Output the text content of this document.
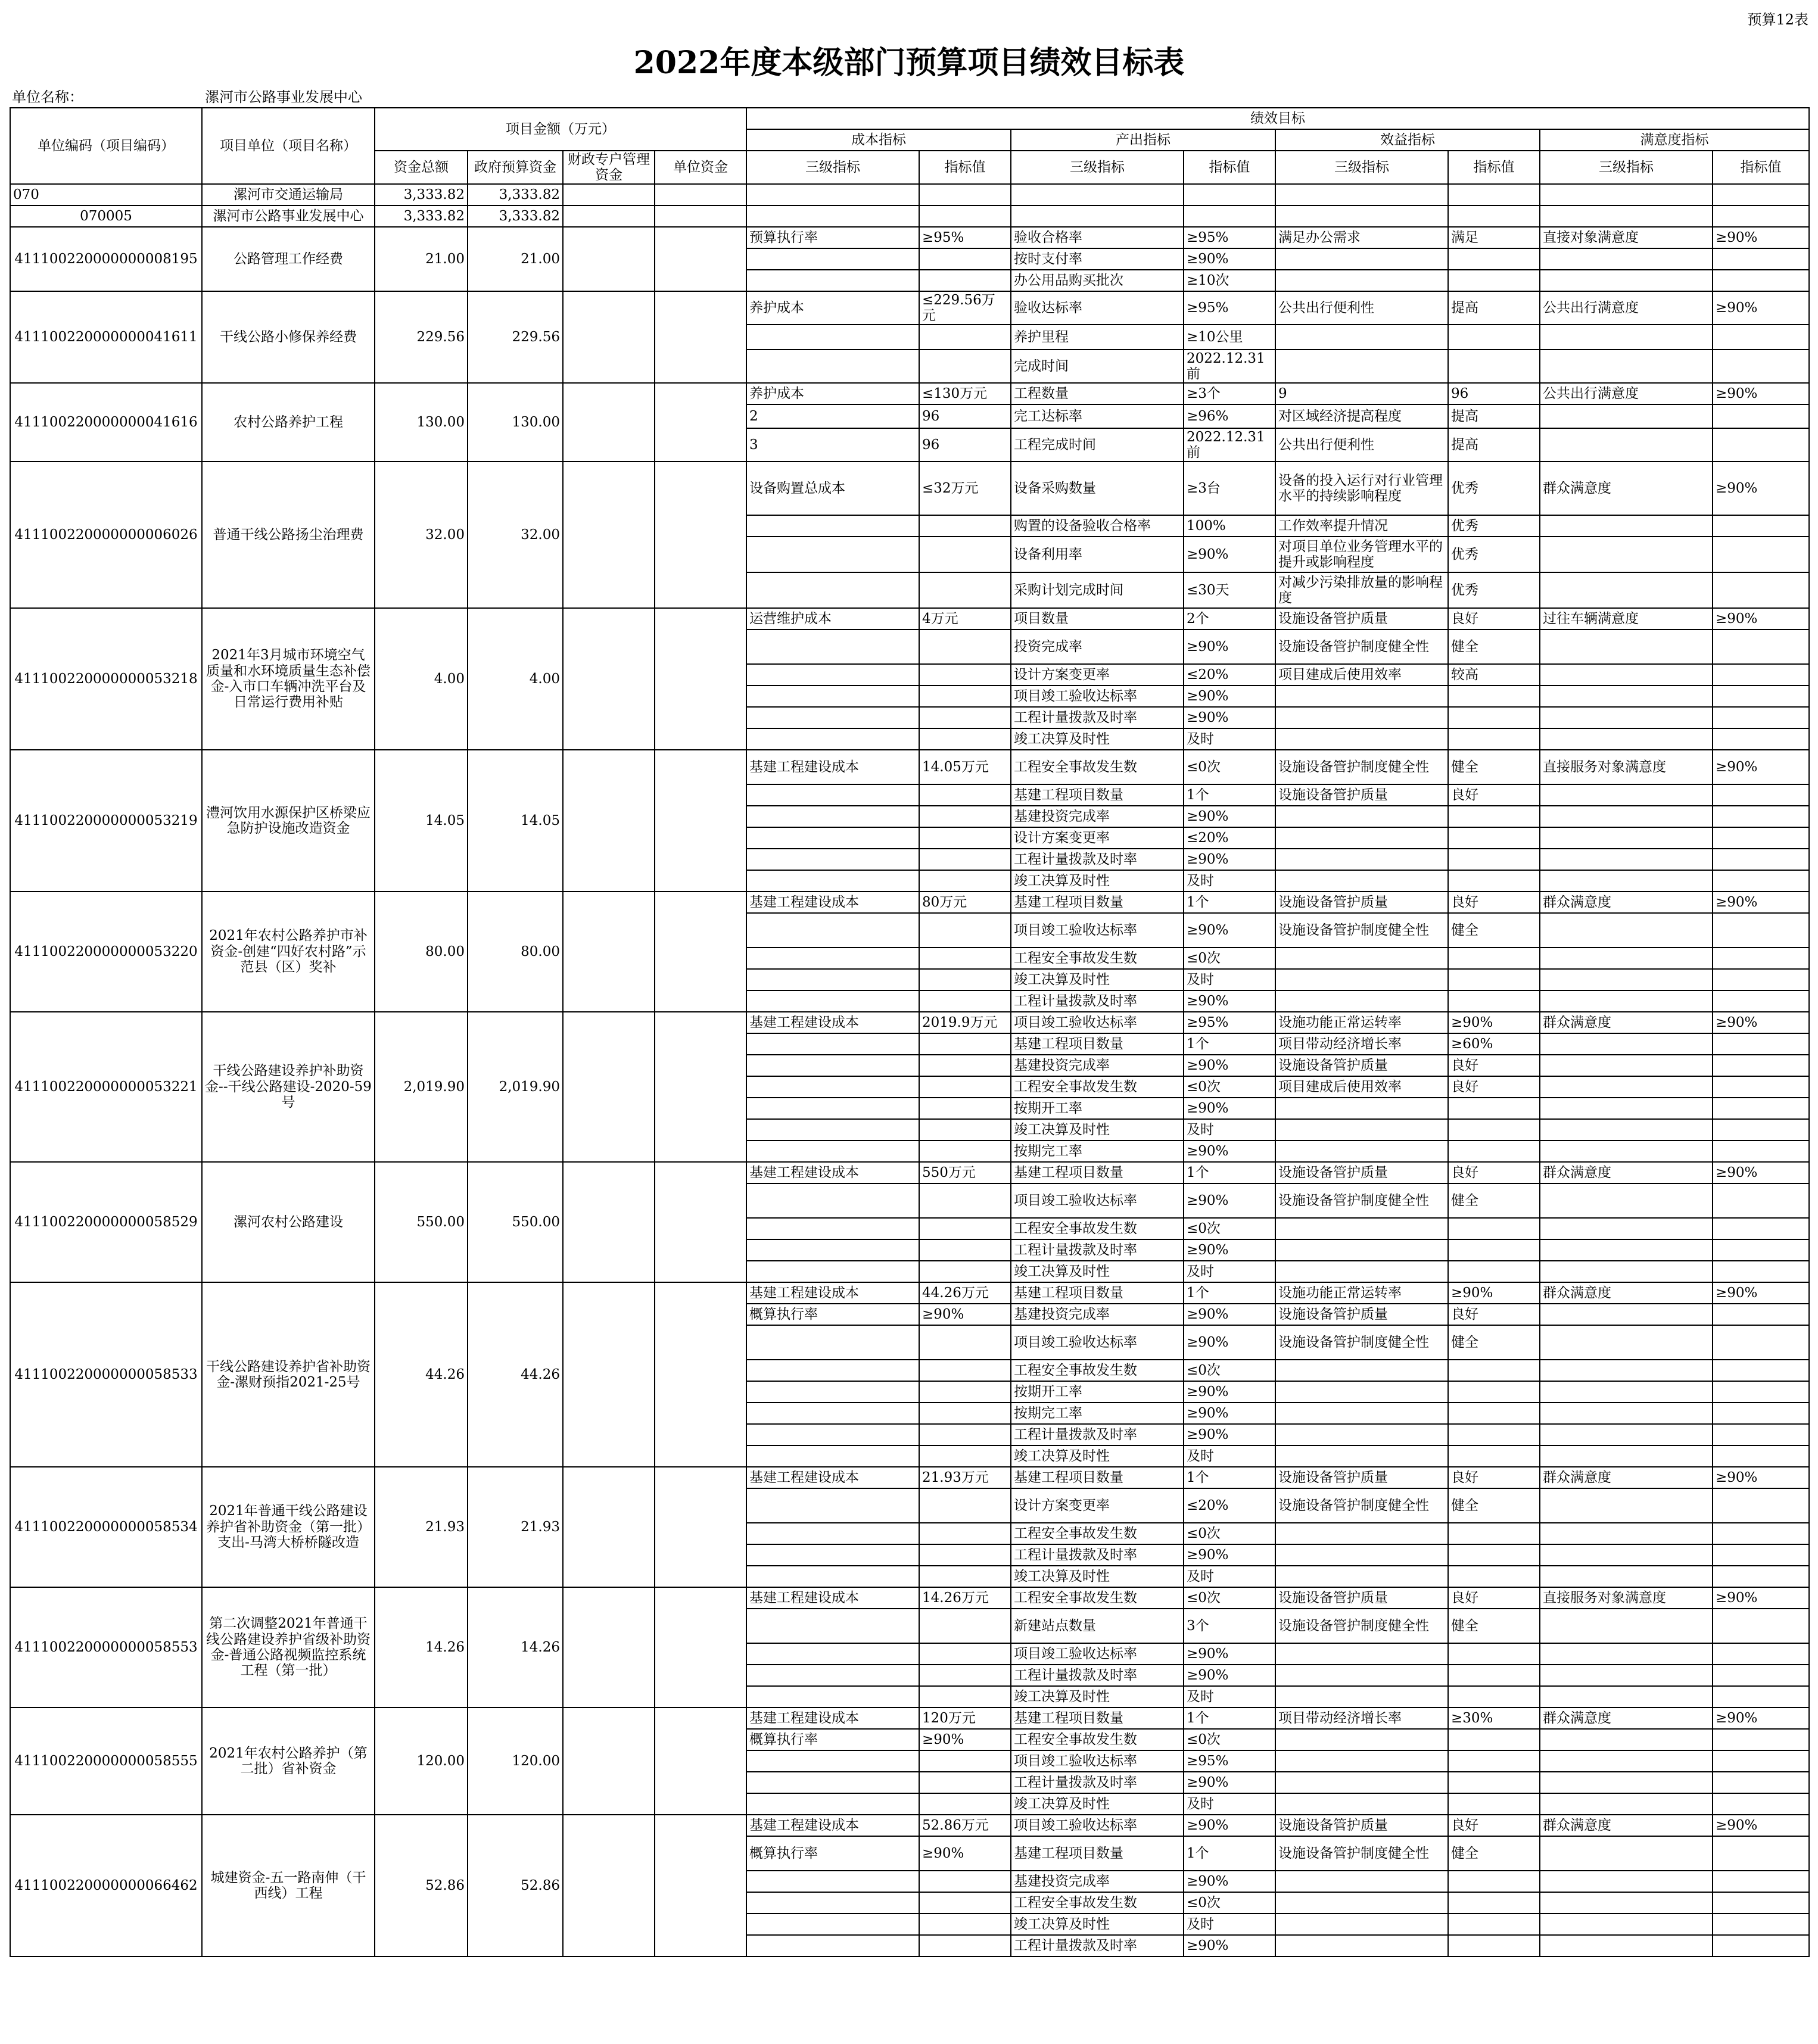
预算12表
2022年度本级部门预算项目绩效目标表
单位名称：	漯河市公路事业发展中心
单位编码（项目编码）	项目单位（项目名称）	项目金额（万元）				绩效目标							
						成本指标		产出指标		效益指标		满意度指标	
		资金总额	政府预算资金	财政专户管理资金	单位资金	三级指标	指标值	三级指标	指标值	三级指标	指标值	三级指标	指标值
070	漯河市交通运输局	3,333.82	3,333.82										
070005	漯河市公路事业发展中心	3,333.82	3,333.82										
411100220000000008195	公路管理工作经费	21.00	21.00			预算执行率	≥95%	验收合格率	≥95%	满足办公需求	满足	直接对象满意度	≥90%
								按时支付率	≥90%				
								办公用品购买批次	≥10次				
411100220000000041611	干线公路小修保养经费	229.56	229.56			养护成本	≤229.56万元	验收达标率	≥95%	公共出行便利性	提高	公共出行满意度	≥90%
								养护里程	≥10公里				
								完成时间	2022.12.31前				
411100220000000041616	农村公路养护工程	130.00	130.00			养护成本	≤130万元	工程数量	≥3个	9	96	公共出行满意度	≥90%
						2	96	完工达标率	≥96%	对区域经济提高程度	提高		
						3	96	工程完成时间	2022.12.31前	公共出行便利性	提高		
411100220000000006026	普通干线公路扬尘治理费	32.00	32.00			设备购置总成本	≤32万元	设备采购数量	≥3台	设备的投入运行对行业管理水平的持续影响程度	优秀	群众满意度	≥90%
								购置的设备验收合格率	100%	工作效率提升情况	优秀		
								设备利用率	≥90%	对项目单位业务管理水平的提升或影响程度	优秀		
								采购计划完成时间	≤30天	对减少污染排放量的影响程度	优秀		
411100220000000053218	2021年3月城市环境空气质量和水环境质量生态补偿金-入市口车辆冲洗平台及日常运行费用补贴	4.00	4.00			运营维护成本	4万元	项目数量	2个	设施设备管护质量	良好	过往车辆满意度	≥90%
								投资完成率	≥90%	设施设备管护制度健全性	健全		
								设计方案变更率	≤20%	项目建成后使用效率	较高		
								项目竣工验收达标率	≥90%				
								工程计量拨款及时率	≥90%				
								竣工决算及时性	及时				
411100220000000053219	澧河饮用水源保护区桥梁应急防护设施改造资金	14.05	14.05			基建工程建设成本	14.05万元	工程安全事故发生数	≤0次	设施设备管护制度健全性	健全	直接服务对象满意度	≥90%
								基建工程项目数量	1个	设施设备管护质量	良好		
								基建投资完成率	≥90%				
								设计方案变更率	≤20%				
								工程计量拨款及时率	≥90%				
								竣工决算及时性	及时				
411100220000000053220	2021年农村公路养护市补资金-创建“四好农村路”示范县（区）奖补	80.00	80.00			基建工程建设成本	80万元	基建工程项目数量	1个	设施设备管护质量	良好	群众满意度	≥90%
								项目竣工验收达标率	≥90%	设施设备管护制度健全性	健全		
								工程安全事故发生数	≤0次				
								竣工决算及时性	及时				
								工程计量拨款及时率	≥90%				
411100220000000053221	干线公路建设养护补助资金--干线公路建设-2020-59号	2,019.90	2,019.90			基建工程建设成本	2019.9万元	项目竣工验收达标率	≥95%	设施功能正常运转率	≥90%	群众满意度	≥90%
								基建工程项目数量	1个	项目带动经济增长率	≥60%		
								基建投资完成率	≥90%	设施设备管护质量	良好		
								工程安全事故发生数	≤0次	项目建成后使用效率	良好		
								按期开工率	≥90%				
								竣工决算及时性	及时				
								按期完工率	≥90%				
411100220000000058529	漯河农村公路建设	550.00	550.00			基建工程建设成本	550万元	基建工程项目数量	1个	设施设备管护质量	良好	群众满意度	≥90%
								项目竣工验收达标率	≥90%	设施设备管护制度健全性	健全		
								工程安全事故发生数	≤0次				
								工程计量拨款及时率	≥90%				
								竣工决算及时性	及时				
411100220000000058533	干线公路建设养护省补助资金-漯财预指2021-25号	44.26	44.26			基建工程建设成本	44.26万元	基建工程项目数量	1个	设施功能正常运转率	≥90%	群众满意度	≥90%
						概算执行率	≥90%	基建投资完成率	≥90%	设施设备管护质量	良好		
								项目竣工验收达标率	≥90%	设施设备管护制度健全性	健全		
								工程安全事故发生数	≤0次				
								按期开工率	≥90%				
								按期完工率	≥90%				
								工程计量拨款及时率	≥90%				
								竣工决算及时性	及时				
411100220000000058534	2021年普通干线公路建设养护省补助资金（第一批）支出-马湾大桥桥隧改造	21.93	21.93			基建工程建设成本	21.93万元	基建工程项目数量	1个	设施设备管护质量	良好	群众满意度	≥90%
								设计方案变更率	≤20%	设施设备管护制度健全性	健全		
								工程安全事故发生数	≤0次				
								工程计量拨款及时率	≥90%				
								竣工决算及时性	及时				
411100220000000058553	第二次调整2021年普通干线公路建设养护省级补助资金-普通公路视频监控系统工程（第一批）	14.26	14.26			基建工程建设成本	14.26万元	工程安全事故发生数	≤0次	设施设备管护质量	良好	直接服务对象满意度	≥90%
								新建站点数量	3个	设施设备管护制度健全性	健全		
								项目竣工验收达标率	≥90%				
								工程计量拨款及时率	≥90%				
								竣工决算及时性	及时				
411100220000000058555	2021年农村公路养护（第二批）省补资金	120.00	120.00			基建工程建设成本	120万元	基建工程项目数量	1个	项目带动经济增长率	≥30%	群众满意度	≥90%
						概算执行率	≥90%	工程安全事故发生数	≤0次				
								项目竣工验收达标率	≥95%				
								工程计量拨款及时率	≥90%				
								竣工决算及时性	及时				
411100220000000066462	城建资金-五一路南伸（干西线）工程	52.86	52.86			基建工程建设成本	52.86万元	项目竣工验收达标率	≥90%	设施设备管护质量	良好	群众满意度	≥90%
						概算执行率	≥90%	基建工程项目数量	1个	设施设备管护制度健全性	健全		
								基建投资完成率	≥90%				
								工程安全事故发生数	≤0次				
								竣工决算及时性	及时				
								工程计量拨款及时率	≥90%				
